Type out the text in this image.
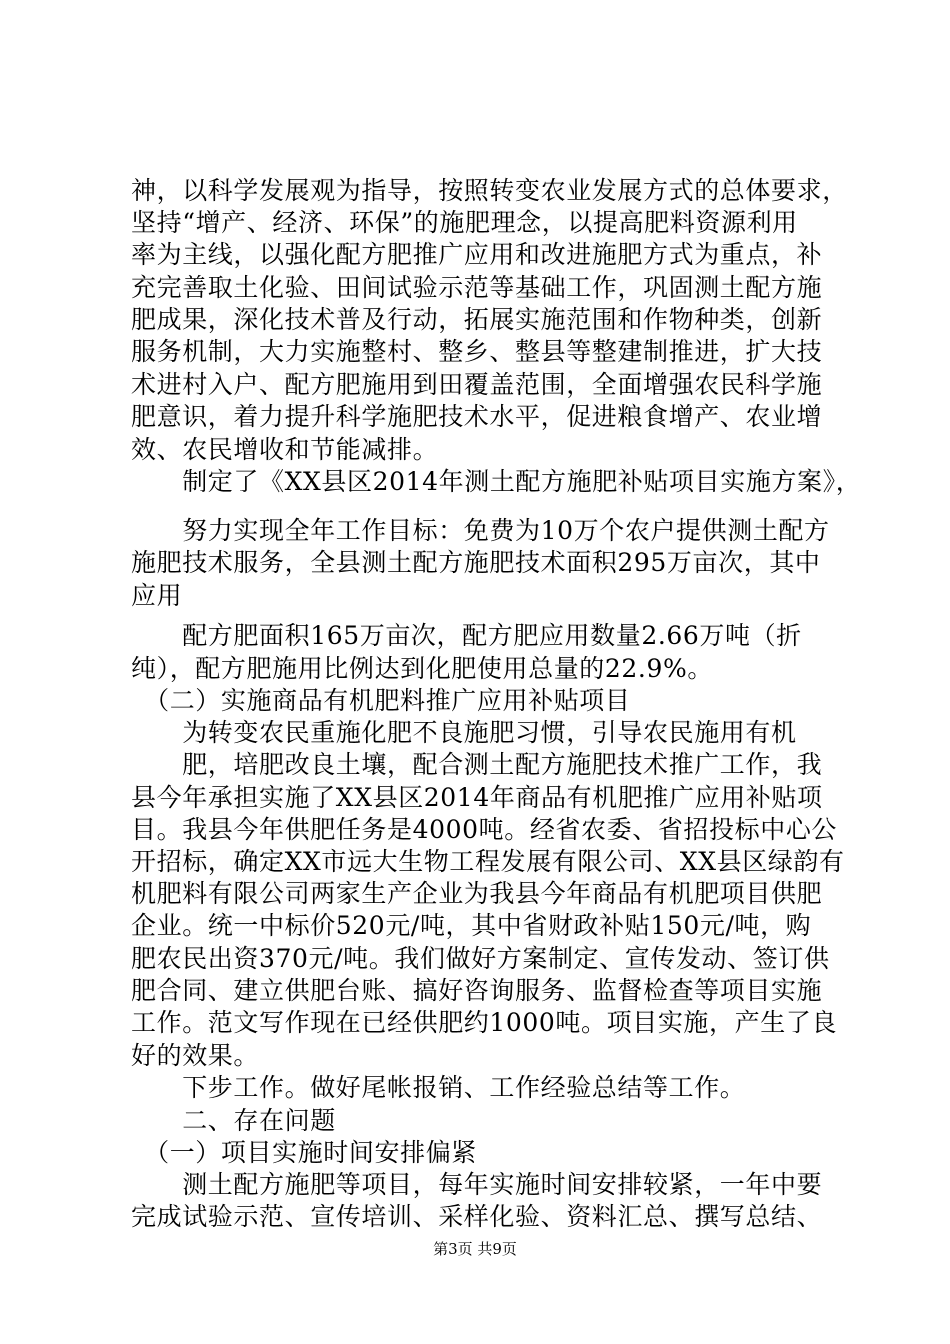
神，以科学发展观为指导，按照转变农业发展方式的总体要求，
坚持“增产、经济、环保”的施肥理念，以提高肥料资源利用
率为主线，以强化配方肥推广应用和改进施肥方式为重点，补
充完善取土化验、田间试验示范等基础工作，巩固测土配方施
肥成果，深化技术普及行动，拓展实施范围和作物种类，创新
服务机制，大力实施整村、整乡、整县等整建制推进，扩大技
术进村入户、配方肥施用到田覆盖范围，全面增强农民科学施
肥意识，着力提升科学施肥技术水平，促进粮食增产、农业增
效、农民增收和节能减排。
　　制定了《XX县区2014年测土配方施肥补贴项目实施方案》，
　　努力实现全年工作目标：免费为10万个农户提供测土配方
施肥技术服务，全县测土配方施肥技术面积295万亩次，其中
应用
　　配方肥面积165万亩次，配方肥应用数量2.66万吨（折
纯），配方肥施用比例达到化肥使用总量的22.9%。
　（二）实施商品有机肥料推广应用补贴项目
　　为转变农民重施化肥不良施肥习惯，引导农民施用有机
　　肥，培肥改良土壤，配合测土配方施肥技术推广工作，我
县今年承担实施了XX县区2014年商品有机肥推广应用补贴项
目。我县今年供肥任务是4000吨。经省农委、省招投标中心公
开招标，确定XX市远大生物工程发展有限公司、XX县区绿韵有
机肥料有限公司两家生产企业为我县今年商品有机肥项目供肥
企业。统一中标价520元/吨，其中省财政补贴150元/吨，购
肥农民出资370元/吨。我们做好方案制定、宣传发动、签订供
肥合同、建立供肥台账、搞好咨询服务、监督检查等项目实施
工作。范文写作现在已经供肥约1000吨。项目实施，产生了良
好的效果。
　　下步工作。做好尾帐报销、工作经验总结等工作。
　　二、存在问题
　（一）项目实施时间安排偏紧
第3页 共9页
　　测土配方施肥等项目，每年实施时间安排较紧，一年中要
完成试验示范、宣传培训、采样化验、资料汇总、撰写总结、
